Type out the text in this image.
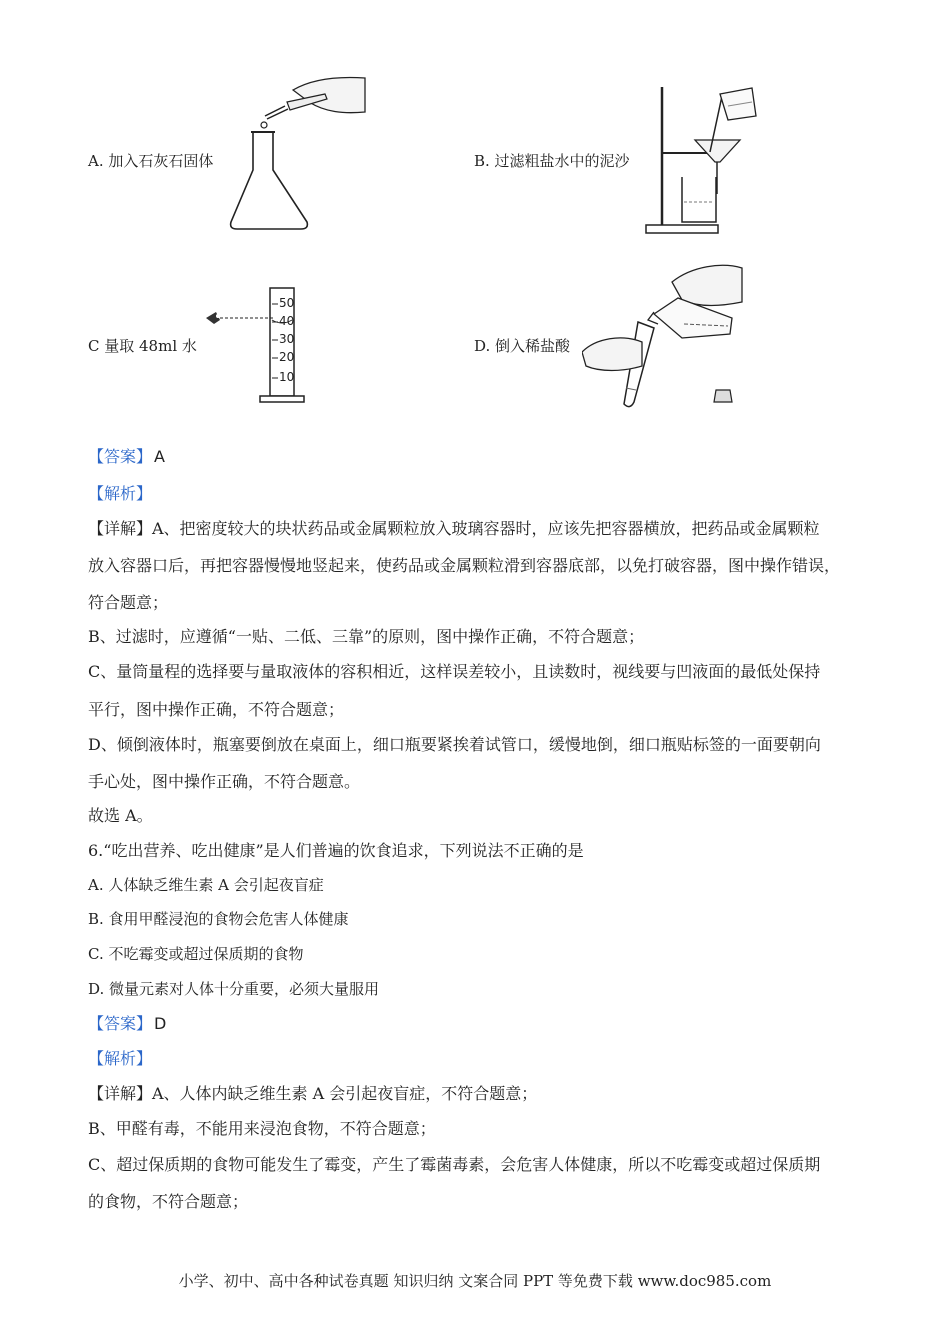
A. 加入石灰石固体	B. 过滤粗盐水中的泥沙
C 量取 48ml 水	D. 倒入稀盐酸
50
40
30
20
10
【答案】 A
【解析】
【详解】A、把密度较大的块状药品或金属颗粒放入玻璃容器时，应该先把容器横放，把药品或金属颗粒
放入容器口后，再把容器慢慢地竖起来，使药品或金属颗粒滑到容器底部，以免打破容器，图中操作错误，
符合题意；
B、过滤时，应遵循“一贴、二低、三靠”的原则，图中操作正确，不符合题意；
C、量筒量程的选择要与量取液体的容积相近，这样误差较小，且读数时，视线要与凹液面的最低处保持
平行，图中操作正确，不符合题意；
D、倾倒液体时，瓶塞要倒放在桌面上，细口瓶要紧挨着试管口，缓慢地倒，细口瓶贴标签的一面要朝向
手心处，图中操作正确，不符合题意。
故选 A。
6.“吃出营养、吃出健康”是人们普遍的饮食追求，下列说法不正确的是
A. 人体缺乏维生素 A 会引起夜盲症
B. 食用甲醛浸泡的食物会危害人体健康
C. 不吃霉变或超过保质期的食物
D. 微量元素对人体十分重要，必须大量服用
【答案】 D
【解析】
【详解】A、人体内缺乏维生素 A 会引起夜盲症，不符合题意；
B、甲醛有毒，不能用来浸泡食物，不符合题意；
C、超过保质期的食物可能发生了霉变，产生了霉菌毒素，会危害人体健康，所以不吃霉变或超过保质期
的食物，不符合题意；
小学、初中、高中各种试卷真题 知识归纳 文案合同 PPT 等免费下载 www.doc985.com
